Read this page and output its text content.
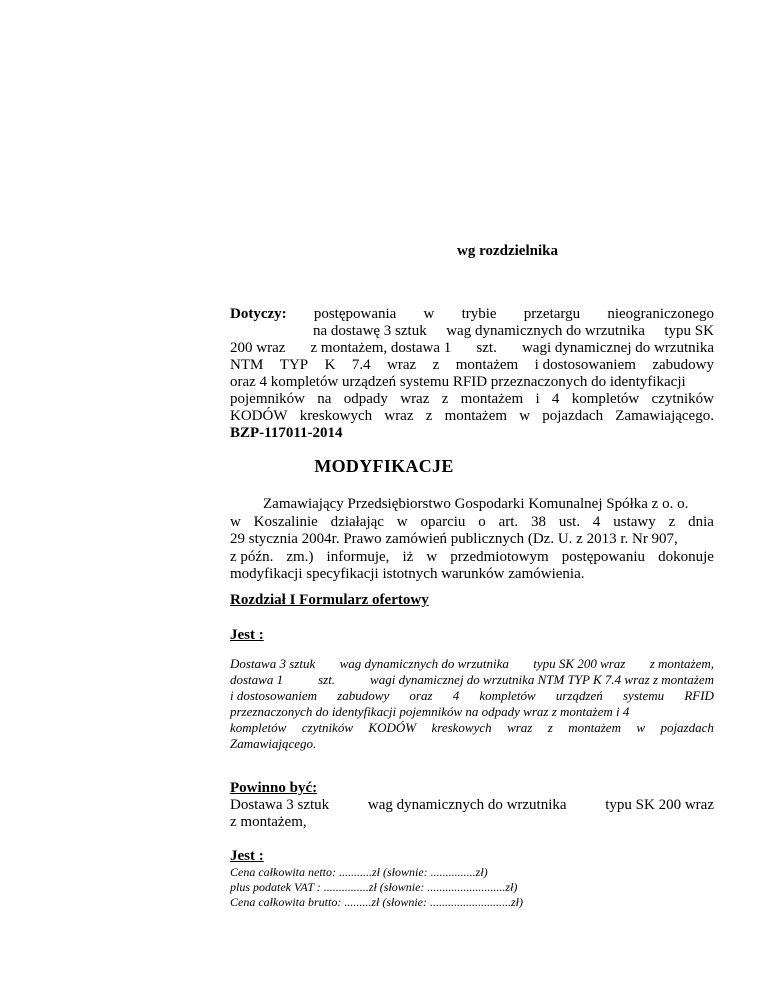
wg rozdzielnika
Dotyczy: postępowania w trybie przetargu nieograniczonego
na dostawę 3 sztuk wag dynamicznych do wrzutnika typu SK
200 wraz z montażem, dostawa 1 szt. wagi dynamicznej do wrzutnika
NTM TYP K 7.4 wraz z montażem i dostosowaniem zabudowy
oraz 4 kompletów urządzeń systemu RFID przeznaczonych do identyfikacji
pojemników na odpady wraz z montażem i 4 kompletów czytników
KODÓW kreskowych wraz z montażem w pojazdach Zamawiającego.
BZP-117011-2014
MODYFIKACJE
Zamawiający Przedsiębiorstwo Gospodarki Komunalnej Spółka z o. o.
w Koszalinie działając w oparciu o art. 38 ust. 4 ustawy z dnia
29 stycznia 2004r. Prawo zamówień publicznych (Dz. U. z 2013 r. Nr 907,
z późn. zm.) informuje, iż w przedmiotowym postępowaniu dokonuje
modyfikacji specyfikacji istotnych warunków zamówienia.
Rozdział I Formularz ofertowy
Jest :
Dostawa 3 sztuk wag dynamicznych do wrzutnika typu SK 200 wraz z montażem,
dostawa 1	szt.	wagi dynamicznej do wrzutnika NTM TYP K 7.4 wraz z montażem
i dostosowaniem zabudowy oraz 4 kompletów urządzeń systemu RFID
przeznaczonych do identyfikacji pojemników na odpady wraz z montażem i 4
kompletów czytników KODÓW kreskowych wraz z montażem w pojazdach
Zamawiającego.
Powinno być:
Dostawa 3 sztuk	wag dynamicznych do wrzutnika	typu SK 200 wraz
z montażem,
Jest :
Cena całkowita netto: ...........zł (słownie: ...............zł)
plus podatek VAT : ...............zł (słownie: ..........................zł)
Cena całkowita brutto: .........zł (słownie: ...........................zł)
